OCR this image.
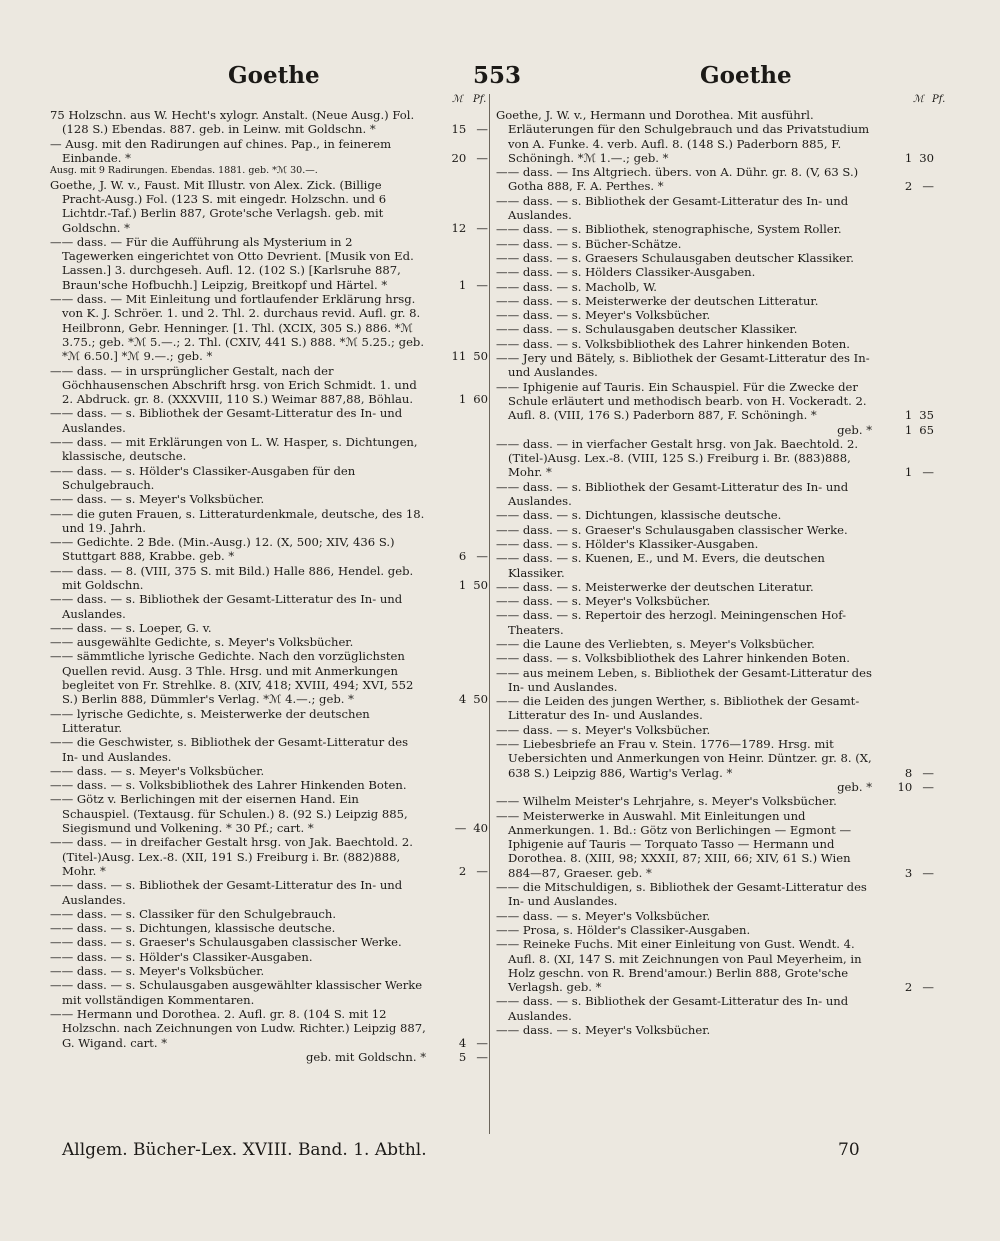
Goethe	553	Goethe
ℳ Pf.	ℳ Pf.
75 Holzschn. aus W. Hecht's xylogr. Anstalt. (Neue Ausg.) Fol. (128 S.) Ebendas. 887. geb. in Leinw. mit Goldschn. *	15 —
— Ausg. mit den Radirungen auf chines. Pap., in feinerem Einbande. *	20 —
Ausg. mit 9 Radirungen. Ebendas. 1881. geb. *ℳ 30.—.
Goethe, J. W. v., Faust. Mit Illustr. von Alex. Zick. (Billige Pracht-Ausg.) Fol. (123 S. mit eingedr. Holzschn. und 6 Lichtdr.-Taf.) Berlin 887, Grote'sche Verlagsh. geb. mit Goldschn. *	12 —
—— dass. — Für die Aufführung als Mysterium in 2 Tagewerken eingerichtet von Otto Devrient. [Musik von Ed. Lassen.] 3. durchgeseh. Aufl. 12. (102 S.) [Karlsruhe 887, Braun'sche Hofbuchh.] Leipzig, Breitkopf und Härtel. *	1 —
—— dass. — Mit Einleitung und fortlaufender Erklärung hrsg. von K. J. Schröer. 1. und 2. Thl. 2. durchaus revid. Aufl. gr. 8. Heilbronn, Gebr. Henninger. [1. Thl. (XCIX, 305 S.) 886. *ℳ 3.75.; geb. *ℳ 5.—.; 2. Thl. (CXIV, 441 S.) 888. *ℳ 5.25.; geb. *ℳ 6.50.] *ℳ 9.—.; geb. *	11 50
—— dass. — in ursprünglicher Gestalt, nach der Göchhausenschen Abschrift hrsg. von Erich Schmidt. 1. und 2. Abdruck. gr. 8. (XXXVIII, 110 S.) Weimar 887,88, Böhlau.	1 60
—— dass. — s. Bibliothek der Gesamt-Litteratur des In- und Auslandes.
—— dass. — mit Erklärungen von L. W. Hasper, s. Dichtungen, klassische, deutsche.
—— dass. — s. Hölder's Classiker-Ausgaben für den Schulgebrauch.
—— dass. — s. Meyer's Volksbücher.
—— die guten Frauen, s. Litteraturdenkmale, deutsche, des 18. und 19. Jahrh.
—— Gedichte. 2 Bde. (Min.-Ausg.) 12. (X, 500; XIV, 436 S.) Stuttgart 888, Krabbe. geb. *	6 —
—— dass. — 8. (VIII, 375 S. mit Bild.) Halle 886, Hendel. geb. mit Goldschn.	1 50
—— dass. — s. Bibliothek der Gesamt-Litteratur des In- und Auslandes.
—— dass. — s. Loeper, G. v.
—— ausgewählte Gedichte, s. Meyer's Volksbücher.
—— sämmtliche lyrische Gedichte. Nach den vorzüglichsten Quellen revid. Ausg. 3 Thle. Hrsg. und mit Anmerkungen begleitet von Fr. Strehlke. 8. (XIV, 418; XVIII, 494; XVI, 552 S.) Berlin 888, Dümmler's Verlag. *ℳ 4.—.; geb. *	4 50
—— lyrische Gedichte, s. Meisterwerke der deutschen Litteratur.
—— die Geschwister, s. Bibliothek der Gesamt-Litteratur des In- und Auslandes.
—— dass. — s. Meyer's Volksbücher.
—— dass. — s. Volksbibliothek des Lahrer Hinkenden Boten.
—— Götz v. Berlichingen mit der eisernen Hand. Ein Schauspiel. (Textausg. für Schulen.) 8. (92 S.) Leipzig 885, Siegismund und Volkening. * 30 Pf.; cart. *	— 40
—— dass. — in dreifacher Gestalt hrsg. von Jak. Baechtold. 2. (Titel-)Ausg. Lex.-8. (XII, 191 S.) Freiburg i. Br. (882)888, Mohr. *	2 —
—— dass. — s. Bibliothek der Gesamt-Litteratur des In- und Auslandes.
—— dass. — s. Classiker für den Schulgebrauch.
—— dass. — s. Dichtungen, klassische deutsche.
—— dass. — s. Graeser's Schulausgaben classischer Werke.
—— dass. — s. Hölder's Classiker-Ausgaben.
—— dass. — s. Meyer's Volksbücher.
—— dass. — s. Schulausgaben ausgewählter klassischer Werke mit vollständigen Kommentaren.
—— Hermann und Dorothea. 2. Aufl. gr. 8. (104 S. mit 12 Holzschn. nach Zeichnungen von Ludw. Richter.) Leipzig 887, G. Wigand. cart. *	4 —
geb. mit Goldschn. *	5 —
Goethe, J. W. v., Hermann und Dorothea. Mit ausführl. Erläuterungen für den Schulgebrauch und das Privatstudium von A. Funke. 4. verb. Aufl. 8. (148 S.) Paderborn 885, F. Schöningh. *ℳ 1.—.; geb. *	1 30
—— dass. — Ins Altgriech. übers. von A. Dühr. gr. 8. (V, 63 S.) Gotha 888, F. A. Perthes. *	2 —
—— dass. — s. Bibliothek der Gesamt-Litteratur des In- und Auslandes.
—— dass. — s. Bibliothek, stenographische, System Roller.
—— dass. — s. Bücher-Schätze.
—— dass. — s. Graesers Schulausgaben deutscher Klassiker.
—— dass. — s. Hölders Classiker-Ausgaben.
—— dass. — s. Macholb, W.
—— dass. — s. Meisterwerke der deutschen Litteratur.
—— dass. — s. Meyer's Volksbücher.
—— dass. — s. Schulausgaben deutscher Klassiker.
—— dass. — s. Volksbibliothek des Lahrer hinkenden Boten.
—— Jery und Bätely, s. Bibliothek der Gesamt-Litteratur des In- und Auslandes.
—— Iphigenie auf Tauris. Ein Schauspiel. Für die Zwecke der Schule erläutert und methodisch bearb. von H. Vockeradt. 2. Aufl. 8. (VIII, 176 S.) Paderborn 887, F. Schöningh. *	1 35
geb. *	1 65
—— dass. — in vierfacher Gestalt hrsg. von Jak. Baechtold. 2. (Titel-)Ausg. Lex.-8. (VIII, 125 S.) Freiburg i. Br. (883)888, Mohr. *	1 —
—— dass. — s. Bibliothek der Gesamt-Litteratur des In- und Auslandes.
—— dass. — s. Dichtungen, klassische deutsche.
—— dass. — s. Graeser's Schulausgaben classischer Werke.
—— dass. — s. Hölder's Klassiker-Ausgaben.
—— dass. — s. Kuenen, E., und M. Evers, die deutschen Klassiker.
—— dass. — s. Meisterwerke der deutschen Literatur.
—— dass. — s. Meyer's Volksbücher.
—— dass. — s. Repertoir des herzogl. Meiningenschen Hof-Theaters.
—— die Laune des Verliebten, s. Meyer's Volksbücher.
—— dass. — s. Volksbibliothek des Lahrer hinkenden Boten.
—— aus meinem Leben, s. Bibliothek der Gesamt-Litteratur des In- und Auslandes.
—— die Leiden des jungen Werther, s. Bibliothek der Gesamt-Litteratur des In- und Auslandes.
—— dass. — s. Meyer's Volksbücher.
—— Liebesbriefe an Frau v. Stein. 1776—1789. Hrsg. mit Uebersichten und Anmerkungen von Heinr. Düntzer. gr. 8. (X, 638 S.) Leipzig 886, Wartig's Verlag. *	8 —
geb. * 10 —
—— Wilhelm Meister's Lehrjahre, s. Meyer's Volksbücher.
—— Meisterwerke in Auswahl. Mit Einleitungen und Anmerkungen. 1. Bd.: Götz von Berlichingen — Egmont — Iphigenie auf Tauris — Torquato Tasso — Hermann und Dorothea. 8. (XIII, 98; XXXII, 87; XIII, 66; XIV, 61 S.) Wien 884—87, Graeser. geb. *	3 —
—— die Mitschuldigen, s. Bibliothek der Gesamt-Litteratur des In- und Auslandes.
—— dass. — s. Meyer's Volksbücher.
—— Prosa, s. Hölder's Classiker-Ausgaben.
—— Reineke Fuchs. Mit einer Einleitung von Gust. Wendt. 4. Aufl. 8. (XI, 147 S. mit Zeichnungen von Paul Meyerheim, in Holz geschn. von R. Brend'amour.) Berlin 888, Grote'sche Verlagsh. geb. *	2 —
—— dass. — s. Bibliothek der Gesamt-Litteratur des In- und Auslandes.
—— dass. — s. Meyer's Volksbücher.
Allgem. Bücher-Lex. XVIII. Band. 1. Abthl.	70
